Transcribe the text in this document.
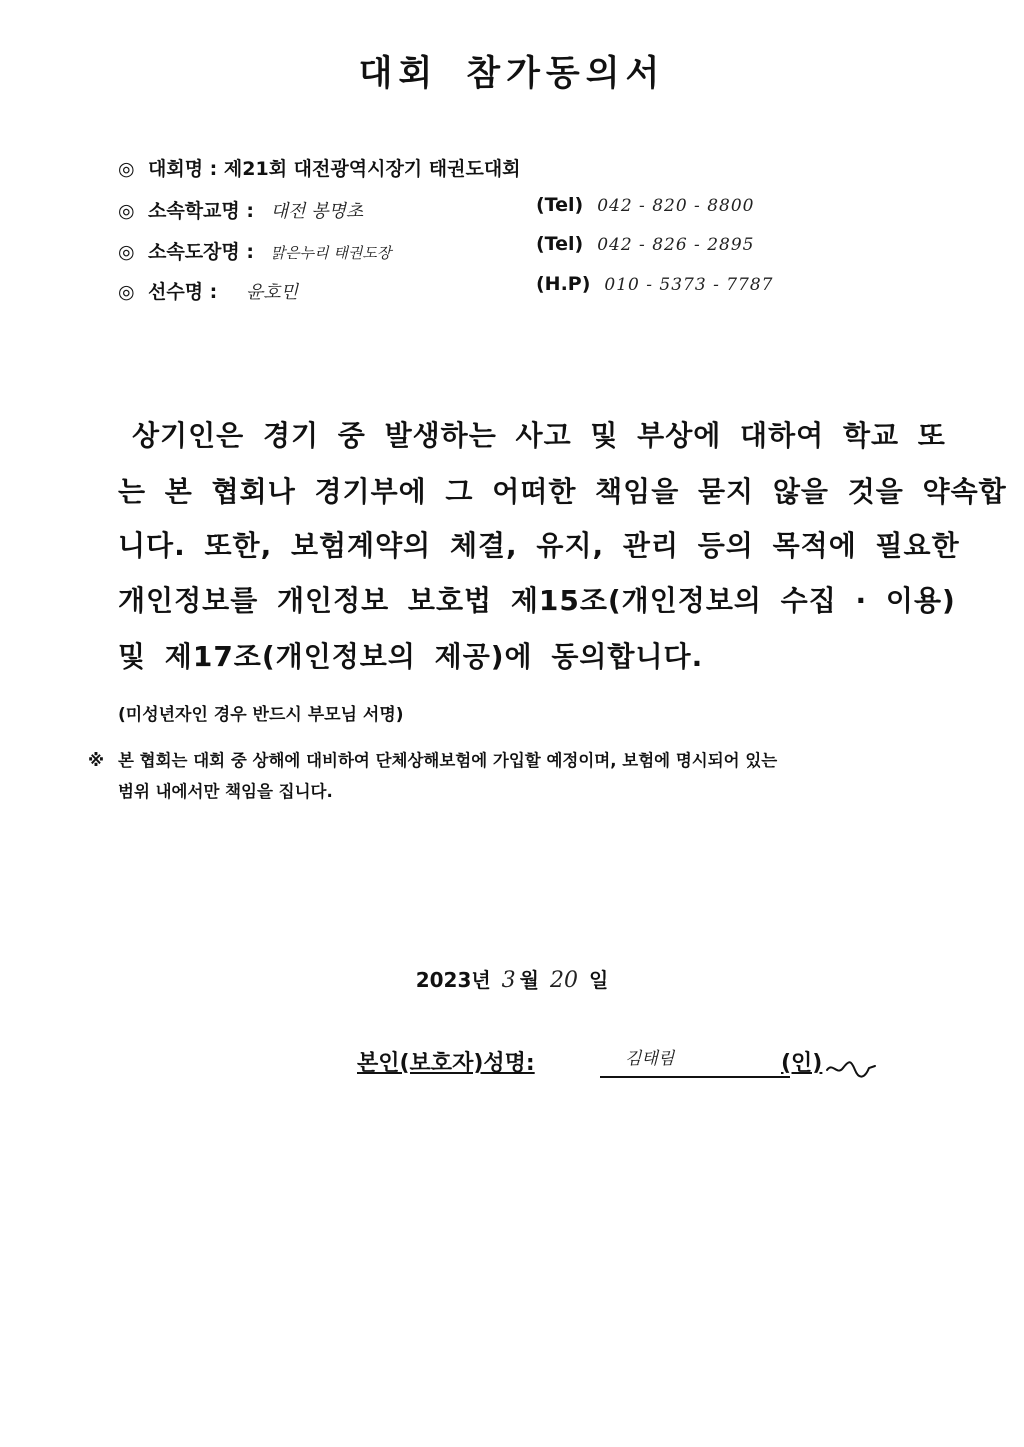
대회 참가동의서
◎ 대회명 : 제21회 대전광역시장기 태권도대회
◎ 소속학교명 : 대전 봉명초
◎ 소속도장명 : 맑은누리 태권도장
◎ 선수명 : 윤호민
(Tel) 042 - 820 - 8800
(Tel) 042 - 826 - 2895
(H.P) 010 - 5373 - 7787
상기인은 경기 중 발생하는 사고 및 부상에 대하여 학교 또
는 본 협회나 경기부에 그 어떠한 책임을 묻지 않을 것을 약속합
니다. 또한, 보험계약의 체결, 유지, 관리 등의 목적에 필요한
개인정보를 개인정보 보호법 제15조(개인정보의 수집 · 이용)
및 제17조(개인정보의 제공)에 동의합니다.
(미성년자인 경우 반드시 부모님 서명)
※ 본 협회는 대회 중 상해에 대비하여 단체상해보험에 가입할 예정이며, 보험에 명시되어 있는
범위 내에서만 책임을 집니다.
2023년 3 월 20 일
본인(보호자)성명:	김태림	(인)
